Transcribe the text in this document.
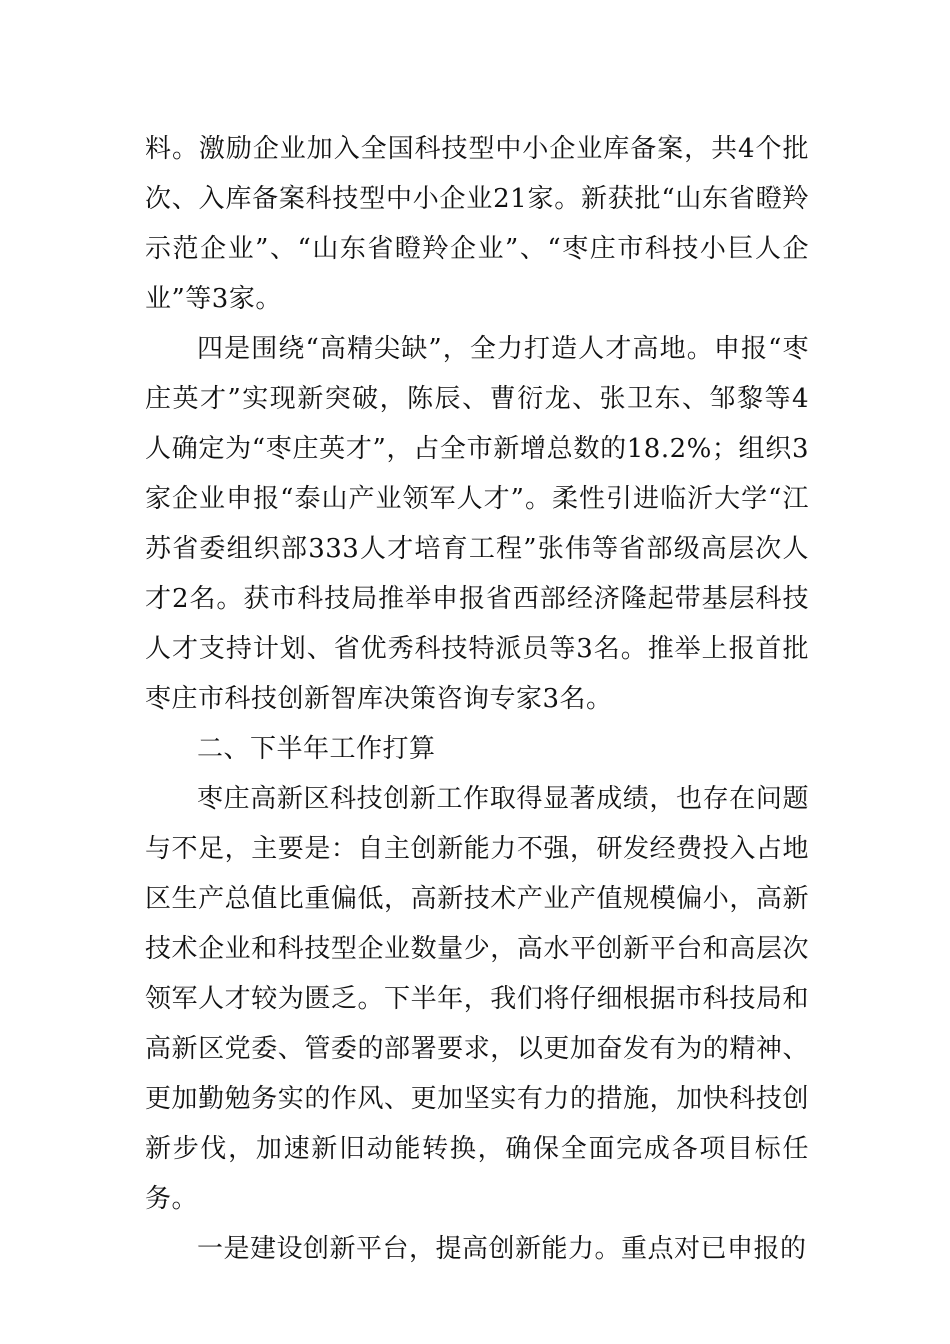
料。激励企业加入全国科技型中小企业库备案，共4个批次、入库备案科技型中小企业21家。新获批“山东省瞪羚示范企业”、“山东省瞪羚企业”、“枣庄市科技小巨人企业”等3家。

四是围绕“高精尖缺”，全力打造人才高地。申报“枣庄英才”实现新突破，陈辰、曹衍龙、张卫东、邹黎等4人确定为“枣庄英才”，占全市新增总数的18.2%；组织3家企业申报“泰山产业领军人才”。柔性引进临沂大学“江苏省委组织部333人才培育工程”张伟等省部级高层次人才2名。获市科技局推举申报省西部经济隆起带基层科技人才支持计划、省优秀科技特派员等3名。推举上报首批枣庄市科技创新智库决策咨询专家3名。

二、下半年工作打算

枣庄高新区科技创新工作取得显著成绩，也存在问题与不足，主要是：自主创新能力不强，研发经费投入占地区生产总值比重偏低，高新技术产业产值规模偏小，高新技术企业和科技型企业数量少，高水平创新平台和高层次领军人才较为匮乏。下半年，我们将仔细根据市科技局和高新区党委、管委的部署要求，以更加奋发有为的精神、更加勤勉务实的作风、更加坚实有力的措施，加快科技创新步伐，加速新旧动能转换，确保全面完成各项目标任务。

一是建设创新平台，提高创新能力。重点对已申报的
